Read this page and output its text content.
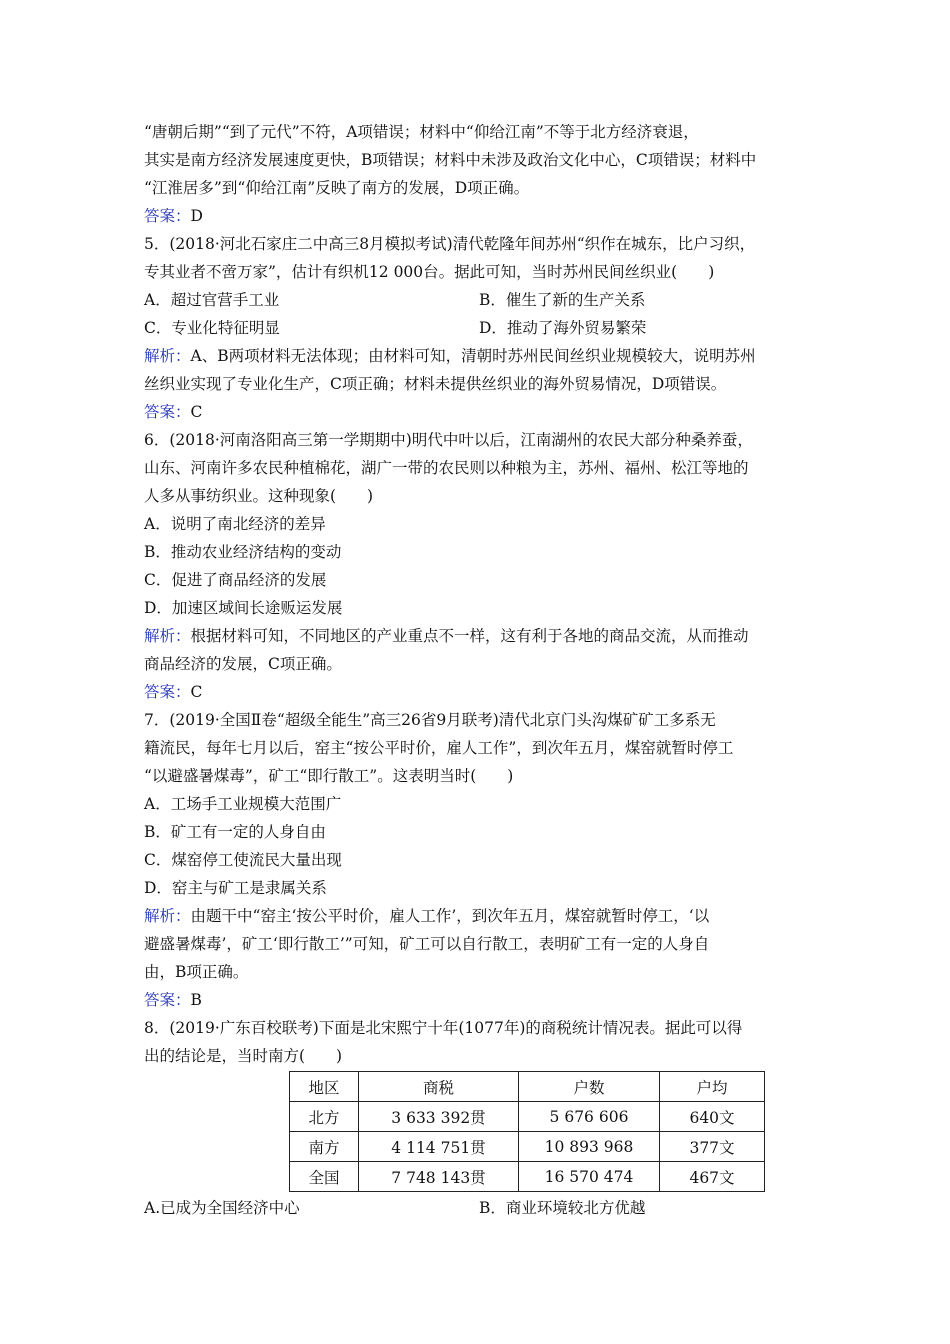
“唐朝后期”“到了元代”不符，A项错误；材料中“仰给江南”不等于北方经济衰退，
其实是南方经济发展速度更快，B项错误；材料中未涉及政治文化中心，C项错误；材料中
“江淮居多”到“仰给江南”反映了南方的发展，D项正确。
答案：D
5．(2018·河北石家庄二中高三8月模拟考试)清代乾隆年间苏州“织作在城东，比户习织，
专其业者不啻万家”，估计有织机12 000台。据此可知，当时苏州民间丝织业(　　)
A．超过官营手工业	B．催生了新的生产关系
C．专业化特征明显	D．推动了海外贸易繁荣
解析：A、B两项材料无法体现；由材料可知，清朝时苏州民间丝织业规模较大，说明苏州
丝织业实现了专业化生产，C项正确；材料未提供丝织业的海外贸易情况，D项错误。
答案：C
6．(2018·河南洛阳高三第一学期期中)明代中叶以后，江南湖州的农民大部分种桑养蚕，
山东、河南许多农民种植棉花，湖广一带的农民则以种粮为主，苏州、福州、松江等地的
人多从事纺织业。这种现象(　　)
A．说明了南北经济的差异
B．推动农业经济结构的变动
C．促进了商品经济的发展
D．加速区域间长途贩运发展
解析：根据材料可知，不同地区的产业重点不一样，这有利于各地的商品交流，从而推动
商品经济的发展，C项正确。
答案：C
7．(2019·全国Ⅱ卷“超级全能生”高三26省9月联考)清代北京门头沟煤矿矿工多系无
籍流民，每年七月以后，窑主“按公平时价，雇人工作”，到次年五月，煤窑就暂时停工
“以避盛暑煤毒”，矿工“即行散工”。这表明当时(　　)
A．工场手工业规模大范围广
B．矿工有一定的人身自由
C．煤窑停工使流民大量出现
D．窑主与矿工是隶属关系
解析：由题干中“窑主‘按公平时价，雇人工作’，到次年五月，煤窑就暂时停工，‘以
避盛暑煤毒’，矿工‘即行散工’”可知，矿工可以自行散工，表明矿工有一定的人身自
由，B项正确。
答案：B
8．(2019·广东百校联考)下面是北宋熙宁十年(1077年)的商税统计情况表。据此可以得
出的结论是，当时南方(　　)
地区	商税	户数	户均
北方	3 633 392贯	5 676 606	640文
南方	4 114 751贯	10 893 968	377文
全国	7 748 143贯	16 570 474	467文
A.已成为全国经济中心	B．商业环境较北方优越
